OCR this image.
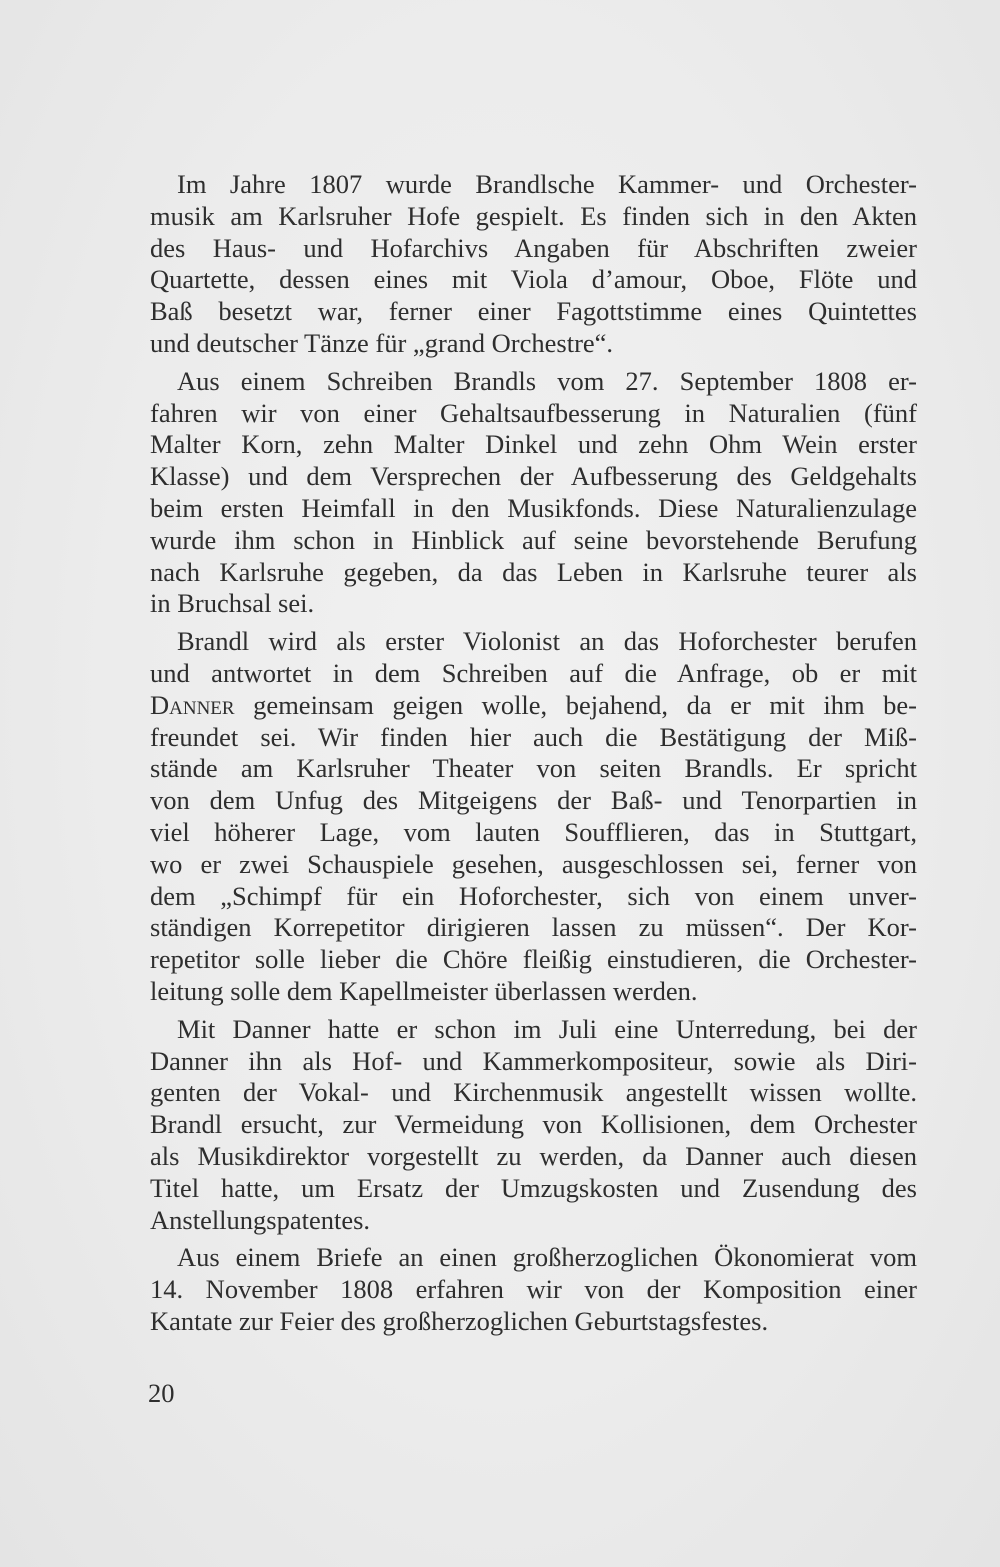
Im Jahre 1807 wurde Brandlsche Kammer- und Orchester-
musik am Karlsruher Hofe gespielt. Es finden sich in den Akten
des Haus- und Hofarchivs Angaben für Abschriften zweier
Quartette, dessen eines mit Viola d’amour, Oboe, Flöte und
Baß besetzt war, ferner einer Fagottstimme eines Quintettes
und deutscher Tänze für „grand Orchestre“.

Aus einem Schreiben Brandls vom 27. September 1808 er-
fahren wir von einer Gehaltsaufbesserung in Naturalien (fünf
Malter Korn, zehn Malter Dinkel und zehn Ohm Wein erster
Klasse) und dem Versprechen der Aufbesserung des Geldgehalts
beim ersten Heimfall in den Musikfonds. Diese Naturalienzulage
wurde ihm schon in Hinblick auf seine bevorstehende Berufung
nach Karlsruhe gegeben, da das Leben in Karlsruhe teurer als
in Bruchsal sei.

Brandl wird als erster Violonist an das Hoforchester berufen
und antwortet in dem Schreiben auf die Anfrage, ob er mit
Danner gemeinsam geigen wolle, bejahend, da er mit ihm be-
freundet sei. Wir finden hier auch die Bestätigung der Miß-
stände am Karlsruher Theater von seiten Brandls. Er spricht
von dem Unfug des Mitgeigens der Baß- und Tenorpartien in
viel höherer Lage, vom lauten Soufflieren, das in Stuttgart,
wo er zwei Schauspiele gesehen, ausgeschlossen sei, ferner von
dem „Schimpf für ein Hoforchester, sich von einem unver-
ständigen Korrepetitor dirigieren lassen zu müssen“. Der Kor-
repetitor solle lieber die Chöre fleißig einstudieren, die Orchester-
leitung solle dem Kapellmeister überlassen werden.

Mit Danner hatte er schon im Juli eine Unterredung, bei der
Danner ihn als Hof- und Kammerkompositeur, sowie als Diri-
genten der Vokal- und Kirchenmusik angestellt wissen wollte.
Brandl ersucht, zur Vermeidung von Kollisionen, dem Orchester
als Musikdirektor vorgestellt zu werden, da Danner auch diesen
Titel hatte, um Ersatz der Umzugskosten und Zusendung des
Anstellungspatentes.

Aus einem Briefe an einen großherzoglichen Ökonomierat vom
14. November 1808 erfahren wir von der Komposition einer
Kantate zur Feier des großherzoglichen Geburtstagsfestes.

20
